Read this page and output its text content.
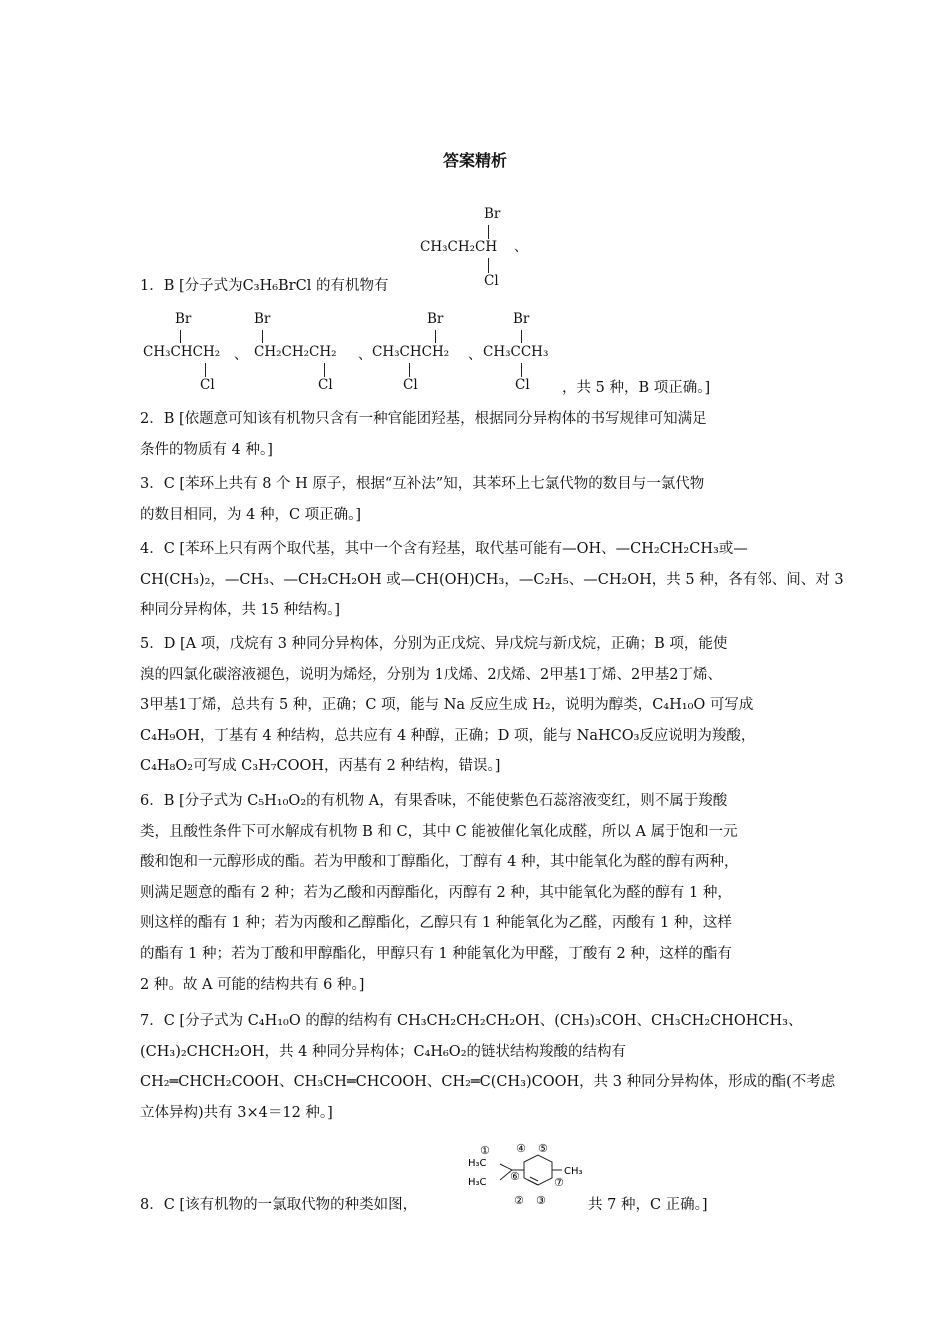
答案精析
Br
CH₃CH₂CH 、
Cl
1．B [分子式为C₃H₆BrCl 的有机物有
Br
CH₃CHCH₂
Cl
、
Br
CH₂CH₂CH₂
Cl
、
Br
CH₃CHCH₂
Cl
、
Br
CH₃CCH₃
Cl ，共 5 种，B 项正确。]
2．B [依题意可知该有机物只含有一种官能团羟基，根据同分异构体的书写规律可知满足
条件的物质有 4 种。]
3．C [苯环上共有 8 个 H 原子，根据“互补法”知，其苯环上七氯代物的数目与一氯代物
的数目相同，为 4 种，C 项正确。]
4．C [苯环上只有两个取代基，其中一个含有羟基，取代基可能有—OH、—CH₂CH₂CH₃或—
CH(CH₃)₂，—CH₃、—CH₂CH₂OH 或—CH(OH)CH₃，—C₂H₅、—CH₂OH，共 5 种，各有邻、间、对 3
种同分异构体，共 15 种结构。]
5．D [A 项，戊烷有 3 种同分异构体，分别为正戊烷、异戊烷与新戊烷，正确；B 项，能使
溴的四氯化碳溶液褪色，说明为烯烃，分别为 1戊烯、2戊烯、2甲基1丁烯、2甲基2丁烯、
3甲基1丁烯，总共有 5 种，正确；C 项，能与 Na 反应生成 H₂，说明为醇类，C₄H₁₀O 可写成
C₄H₉OH，丁基有 4 种结构，总共应有 4 种醇，正确；D 项，能与 NaHCO₃反应说明为羧酸，
C₄H₈O₂可写成 C₃H₇COOH，丙基有 2 种结构，错误。]
6．B [分子式为 C₅H₁₀O₂的有机物 A，有果香味，不能使紫色石蕊溶液变红，则不属于羧酸
类，且酸性条件下可水解成有机物 B 和 C，其中 C 能被催化氧化成醛，所以 A 属于饱和一元
酸和饱和一元醇形成的酯。若为甲酸和丁醇酯化，丁醇有 4 种，其中能氧化为醛的醇有两种，
则满足题意的酯有 2 种；若为乙酸和丙醇酯化，丙醇有 2 种，其中能氧化为醛的醇有 1 种，
则这样的酯有 1 种；若为丙酸和乙醇酯化，乙醇只有 1 种能氧化为乙醛，丙酸有 1 种，这样
的酯有 1 种；若为丁酸和甲醇酯化，甲醇只有 1 种能氧化为甲醛，丁酸有 2 种，这样的酯有
2 种。故 A 可能的结构共有 6 种。]
7．C [分子式为 C₄H₁₀O 的醇的结构有 CH₃CH₂CH₂CH₂OH、(CH₃)₃COH、CH₃CH₂CHOHCH₃、
(CH₃)₂CHCH₂OH，共 4 种同分异构体；C₄H₆O₂的链状结构羧酸的结构有
CH₂═CHCH₂COOH、CH₃CH═CHCOOH、CH₂═C(CH₃)COOH，共 3 种同分异构体，形成的酯(不考虑
立体异构)共有 3×4＝12 种。]
8．C [该有机物的一氯取代物的种类如图，
H₃C
H₃C
CH₃
① ④ ⑤
⑥	⑦
② ③	共 7 种，C 正确。]
